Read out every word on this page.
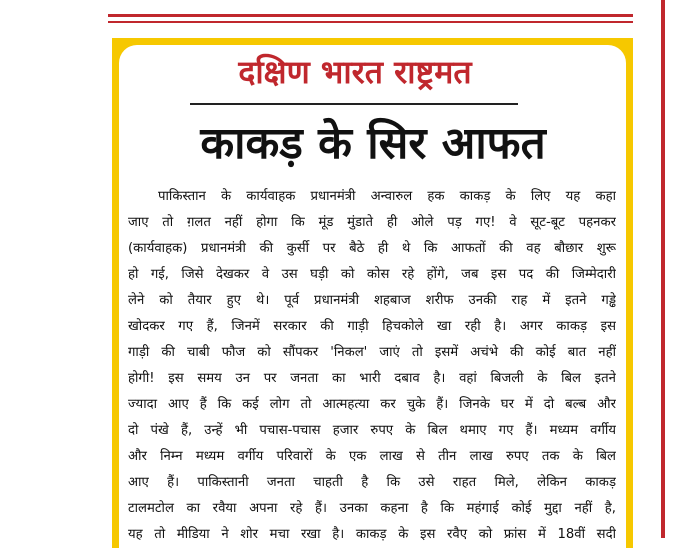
दक्षिण भारत राष्ट्रमत
काकड़ के सिर आफत
पाकिस्तान के कार्यवाहक प्रधानमंत्री अन्वारुल हक काकड़ के लिए यह कहा
जाए तो ग़लत नहीं होगा कि मूंड मुंडाते ही ओले पड़ गए! वे सूट-बूट पहनकर
(कार्यवाहक) प्रधानमंत्री की कुर्सी पर बैठे ही थे कि आफतों की वह बौछार शुरू
हो गई, जिसे देखकर वे उस घड़ी को कोस रहे होंगे, जब इस पद की जिम्मेदारी
लेने को तैयार हुए थे। पूर्व प्रधानमंत्री शहबाज शरीफ उनकी राह में इतने गड्ढे
खोदकर गए हैं, जिनमें सरकार की गाड़ी हिचकोले खा रही है। अगर काकड़ इस
गाड़ी की चाबी फौज को सौंपकर 'निकल' जाएं तो इसमें अचंभे की कोई बात नहीं
होगी! इस समय उन पर जनता का भारी दबाव है। वहां बिजली के बिल इतने
ज्यादा आए हैं कि कई लोग तो आत्महत्या कर चुके हैं। जिनके घर में दो बल्ब और
दो पंखे हैं, उन्हें भी पचास-पचास हजार रुपए के बिल थमाए गए हैं। मध्यम वर्गीय
और निम्न मध्यम वर्गीय परिवारों के एक लाख से तीन लाख रुपए तक के बिल
आए हैं। पाकिस्तानी जनता चाहती है कि उसे राहत मिले, लेकिन काकड़
टालमटोल का रवैया अपना रहे हैं। उनका कहना है कि महंगाई कोई मुद्दा नहीं है,
यह तो मीडिया ने शोर मचा रखा है। काकड़ के इस रवैए को फ्रांस में 18वीं सदी
